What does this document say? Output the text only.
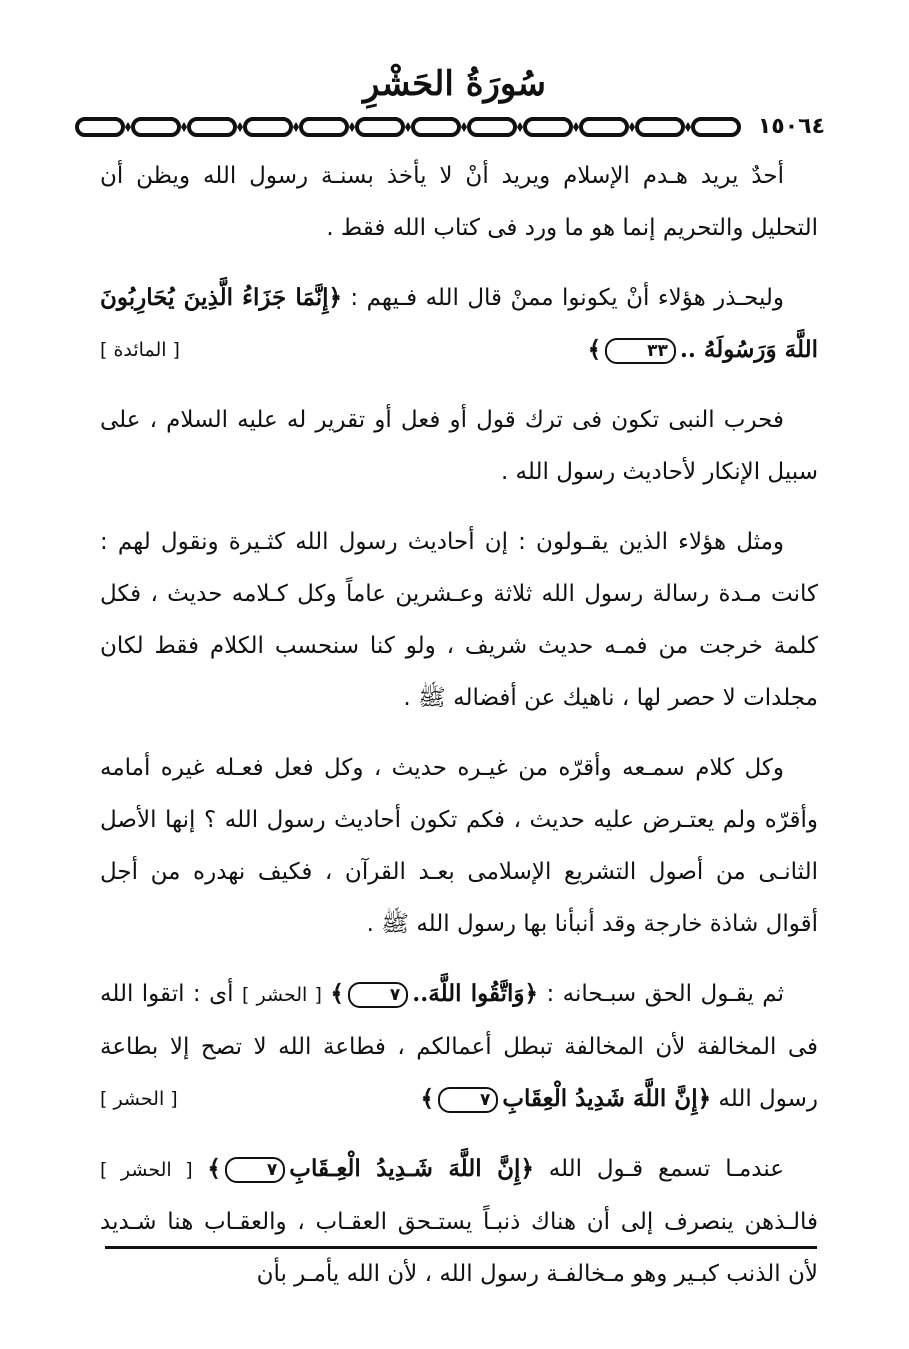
سُورَةُ الحَشْرِ
١٥٠٦٤

أحدٌ يريد هـدم الإسلام ويريد أنْ لا يأخذ بسنـة رسول الله ويظن أن التحليل والتحريم إنما هو ما ورد فى كتاب الله فقط .

وليحـذر هؤلاء أنْ يكونوا ممنْ قال الله فـيهم : ﴿إِنَّمَا جَزَاءُ الَّذِينَ يُحَارِبُونَ اللَّهَ وَرَسُولَهُ ..٣٣﴾
[ المائدة ]

فحرب النبى تكون فى ترك قول أو فعل أو تقرير له عليه السلام ، على سبيل الإنكار لأحاديث رسول الله .

ومثل هؤلاء الذين يقـولون : إن أحاديث رسول الله كثـيرة ونقول لهم : كانت مـدة رسالة رسول الله ثلاثة وعـشرين عاماً وكل كـلامه حديث ، فكل كلمة خرجت من فمـه حديث شريف ، ولو كنا سنحسب الكلام فقط لكان مجلدات لا حصر لها ، ناهيك عن أفضاله ﷺ .

وكل كلام سمـعه وأقرّه من غيـره حديث ، وكل فعل فعـله غيره أمامه وأقرّه ولم يعتـرض عليه حديث ، فكم تكون أحاديث رسول الله ؟ إنها الأصل الثانـى من أصول التشريع الإسلامى بعـد القرآن ، فكيف نهدره من أجل أقوال شاذة خارجة وقد أنبأنا بها رسول الله ﷺ .

ثم يقـول الحق سبـحانه : ﴿وَاتَّقُوا اللَّهَ..٧﴾ [ الحشر ] أى : اتقوا الله فى المخالفة لأن المخالفة تبطل أعمالكم ، فطاعة الله لا تصح إلا بطاعة رسول الله ﴿إِنَّ اللَّهَ شَدِيدُ الْعِقَابِ٧﴾
[ الحشر ]

عندمـا تسمع قـول الله ﴿إِنَّ اللَّهَ شَـدِيدُ الْعِـقَابِ٧﴾ [ الحشر ] فالـذهن ينصرف إلى أن هناك ذنبـاً يستـحق العقـاب ، والعقـاب هنا شـديد لأن الذنب كبـير وهو مـخالفـة رسول الله ، لأن الله يأمـر بأن
